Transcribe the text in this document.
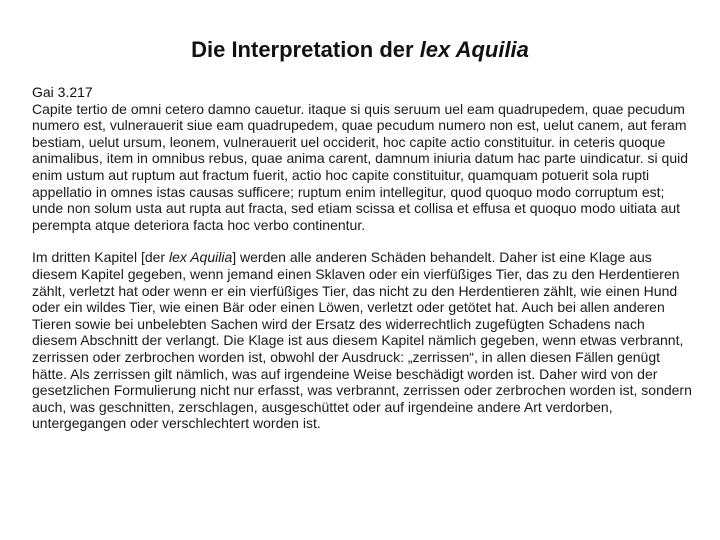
Die Interpretation der lex Aquilia

Gai 3.217

Capite tertio de omni cetero damno cauetur. itaque si quis seruum uel eam quadrupedem, quae pecudum numero est, vulnerauerit siue eam quadrupedem, quae pecudum numero non est, uelut canem, aut feram bestiam, uelut ursum, leonem, vulnerauerit uel occiderit, hoc capite actio constituitur. in ceteris quoque animalibus, item in omnibus rebus, quae anima carent, damnum iniuria datum hac parte uindicatur. si quid enim ustum aut ruptum aut fractum fuerit, actio hoc capite constituitur, quamquam potuerit sola rupti appellatio in omnes istas causas sufficere; ruptum enim intellegitur, quod quoquo modo corruptum est; unde non solum usta aut rupta aut fracta, sed etiam scissa et collisa et effusa et quoquo modo uitiata aut perempta atque deteriora facta hoc verbo continentur.

Im dritten Kapitel [der lex Aquilia] werden alle anderen Schäden behandelt. Daher ist eine Klage aus diesem Kapitel gegeben, wenn jemand einen Sklaven oder ein vierfüßiges Tier, das zu den Herdentieren zählt, verletzt hat oder wenn er ein vierfüßiges Tier, das nicht zu den Herdentieren zählt, wie einen Hund oder ein wildes Tier, wie einen Bär oder einen Löwen, verletzt oder getötet hat. Auch bei allen anderen Tieren sowie bei unbelebten Sachen wird der Ersatz des widerrechtlich zugefügten Schadens nach diesem Abschnitt der verlangt. Die Klage ist aus diesem Kapitel nämlich gegeben, wenn etwas verbrannt, zerrissen oder zerbrochen worden ist, obwohl der Ausdruck: „zerrissen“, in allen diesen Fällen genügt hätte. Als zerrissen gilt nämlich, was auf irgendeine Weise beschädigt worden ist. Daher wird von der gesetzlichen Formulierung nicht nur erfasst, was verbrannt, zerrissen oder zerbrochen worden ist, sondern auch, was geschnitten, zerschlagen, ausgeschüttet oder auf irgendeine andere Art verdorben, untergegangen oder verschlechtert worden ist.
